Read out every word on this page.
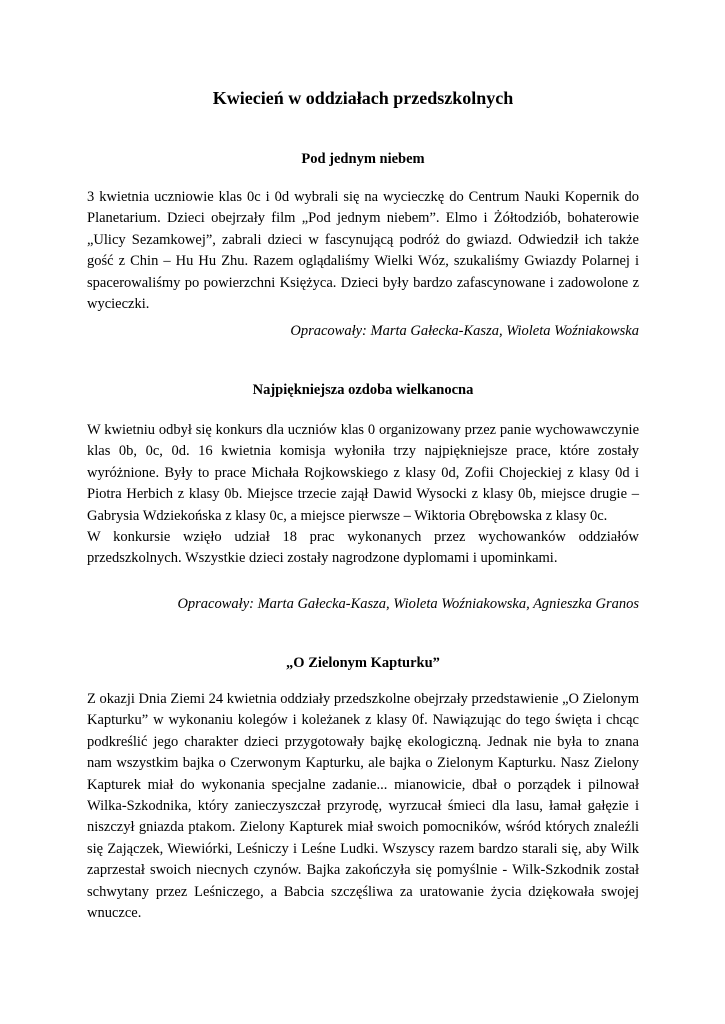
Kwiecień w oddziałach przedszkolnych
Pod jednym niebem

3 kwietnia uczniowie klas 0c i 0d wybrali się na wycieczkę do Centrum Nauki Kopernik do Planetarium. Dzieci obejrzały film „Pod jednym niebem”. Elmo i Żółtodziób, bohaterowie „Ulicy Sezamkowej”, zabrali dzieci w fascynującą podróż do gwiazd. Odwiedził ich także gość z Chin – Hu Hu Zhu. Razem oglądaliśmy Wielki Wóz, szukaliśmy Gwiazdy Polarnej i spacerowaliśmy po powierzchni Księżyca. Dzieci były bardzo zafascynowane i zadowolone z wycieczki.

Opracowały: Marta Gałecka-Kasza, Wioleta Woźniakowska
Najpiękniejsza ozdoba wielkanocna

W kwietniu odbył się konkurs dla uczniów klas 0 organizowany przez panie wychowawczynie klas 0b, 0c, 0d. 16 kwietnia komisja wyłoniła trzy najpiękniejsze prace, które zostały wyróżnione. Były to prace Michała Rojkowskiego z klasy 0d, Zofii Chojeckiej z klasy 0d i Piotra Herbich z klasy 0b. Miejsce trzecie zajął Dawid Wysocki z klasy 0b, miejsce drugie – Gabrysia Wdziekońska z klasy 0c, a miejsce pierwsze – Wiktoria Obrębowska z klasy 0c.

W konkursie wzięło udział 18 prac wykonanych przez wychowanków oddziałów przedszkolnych. Wszystkie dzieci zostały nagrodzone dyplomami i upominkami.

Opracowały: Marta Gałecka-Kasza, Wioleta Woźniakowska, Agnieszka Granos
„O Zielonym Kapturku”

Z okazji Dnia Ziemi 24 kwietnia oddziały przedszkolne obejrzały przedstawienie „O Zielonym Kapturku” w wykonaniu kolegów i koleżanek z klasy 0f. Nawiązując do tego święta i chcąc podkreślić jego charakter dzieci przygotowały bajkę ekologiczną. Jednak nie była to znana nam wszystkim bajka o Czerwonym Kapturku, ale bajka o Zielonym Kapturku. Nasz Zielony Kapturek miał do wykonania specjalne zadanie... mianowicie, dbał o porządek i pilnował Wilka-Szkodnika, który zanieczyszczał przyrodę, wyrzucał śmieci dla lasu, łamał gałęzie i niszczył gniazda ptakom. Zielony Kapturek miał swoich pomocników, wśród których znaleźli się Zajączek, Wiewiórki, Leśniczy i Leśne Ludki. Wszyscy razem bardzo starali się, aby Wilk zaprzestał swoich niecnych czynów. Bajka zakończyła się pomyślnie - Wilk-Szkodnik został schwytany przez Leśniczego, a Babcia szczęśliwa za uratowanie życia dziękowała swojej wnuczce.
